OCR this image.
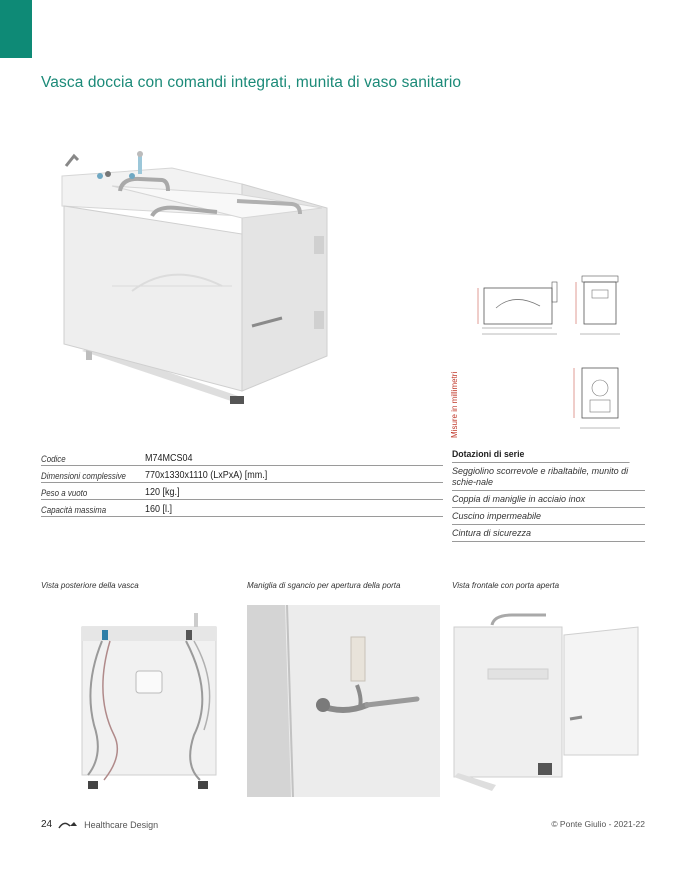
Vasca doccia con comandi integrati, munita di vaso sanitario
Misure in millimetri
Codice	M74MCS04
Dimensioni complessive	770x1330x1110 (LxPxA) [mm.]
Peso a vuoto	120 [kg.]
Capacità massima	160 [l.]
Dotazioni di serie
Seggiolino scorrevole e ribaltabile, munito di schie-nale
Coppia di maniglie in acciaio inox
Cuscino impermeabile
Cintura di sicurezza
Vista posteriore della vasca	Maniglia di sgancio per apertura della porta	Vista frontale con porta aperta
24	Healthcare Design	© Ponte Giulio - 2021-22
